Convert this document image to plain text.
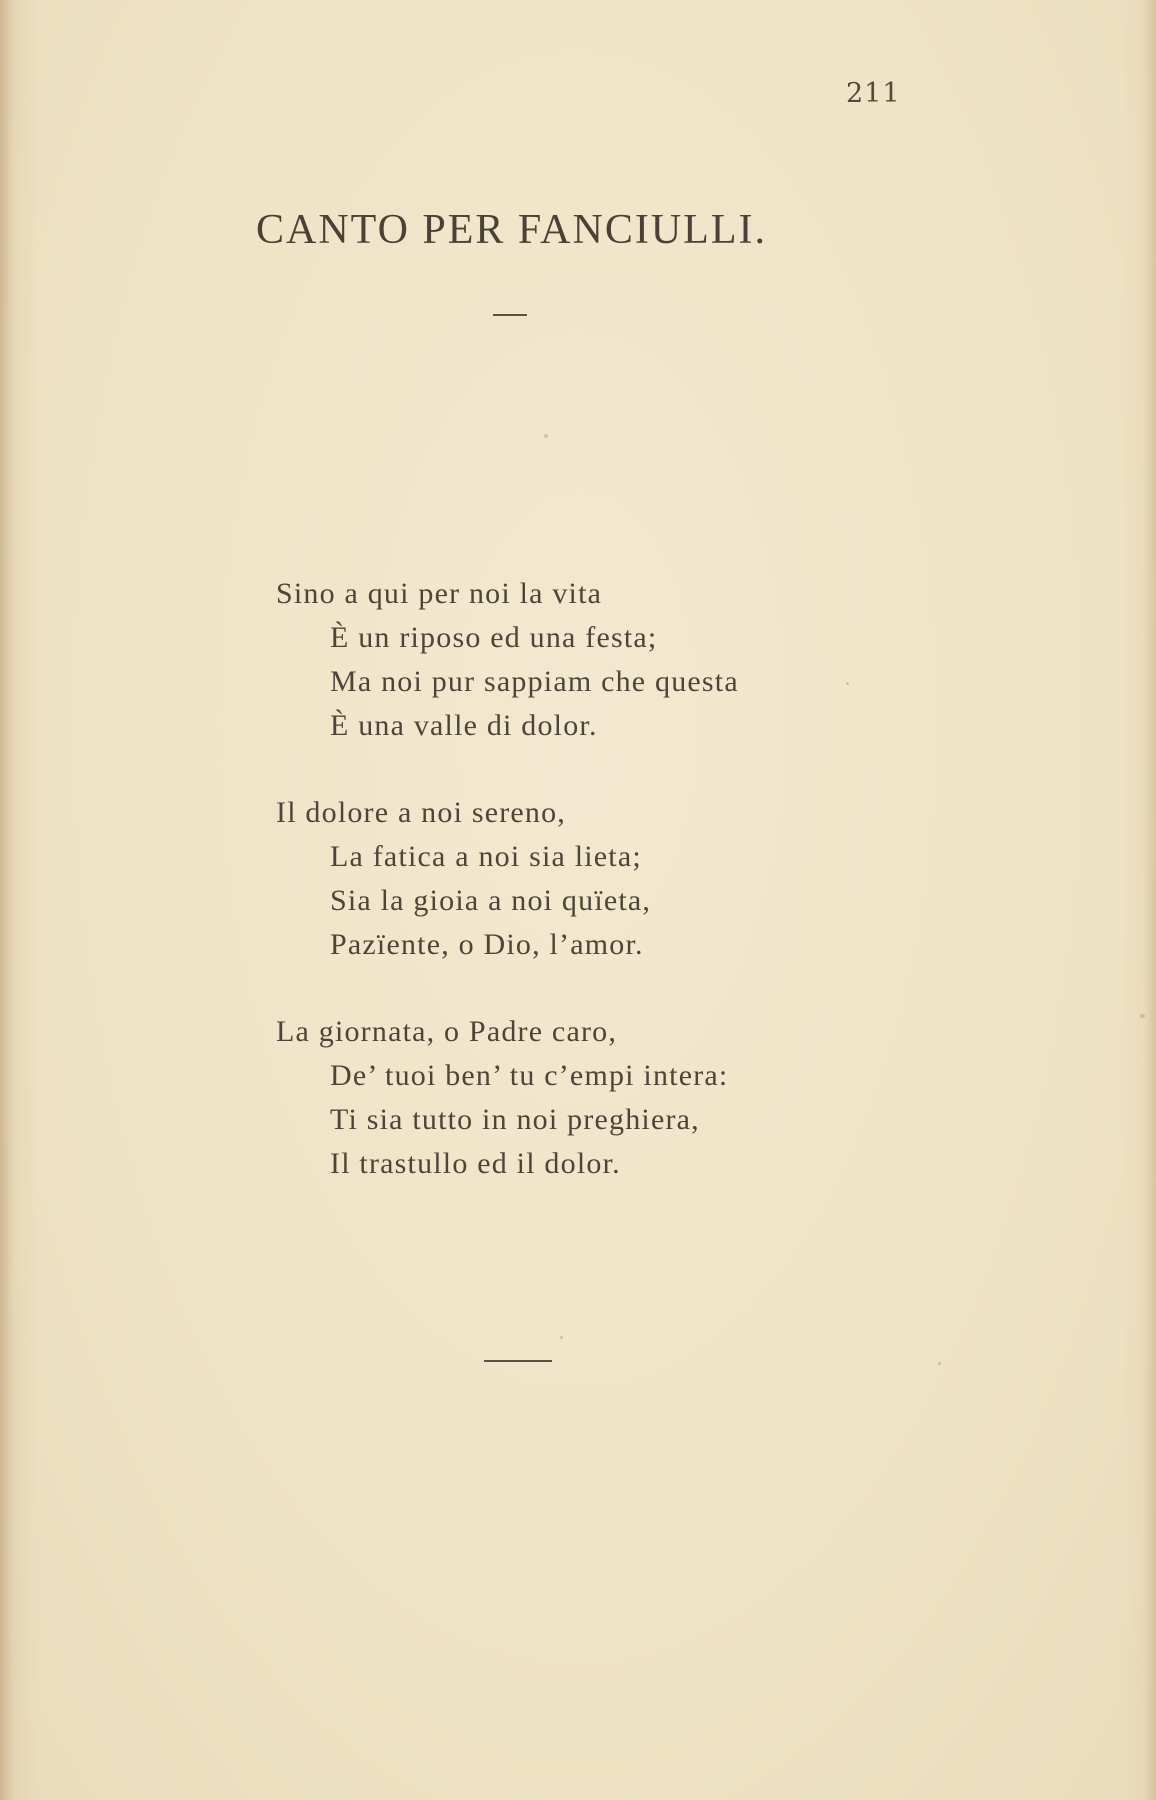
211
CANTO PER FANCIULLI.
Sino a qui per noi la vita
È un riposo ed una festa;
Ma noi pur sappiam che questa
È una valle di dolor.
Il dolore a noi sereno,
La fatica a noi sia lieta;
Sia la gioia a noi quïeta,
Pazïente, o Dio, l’amor.
La giornata, o Padre caro,
De’ tuoi ben’ tu c’empi intera:
Ti sia tutto in noi preghiera,
Il trastullo ed il dolor.
